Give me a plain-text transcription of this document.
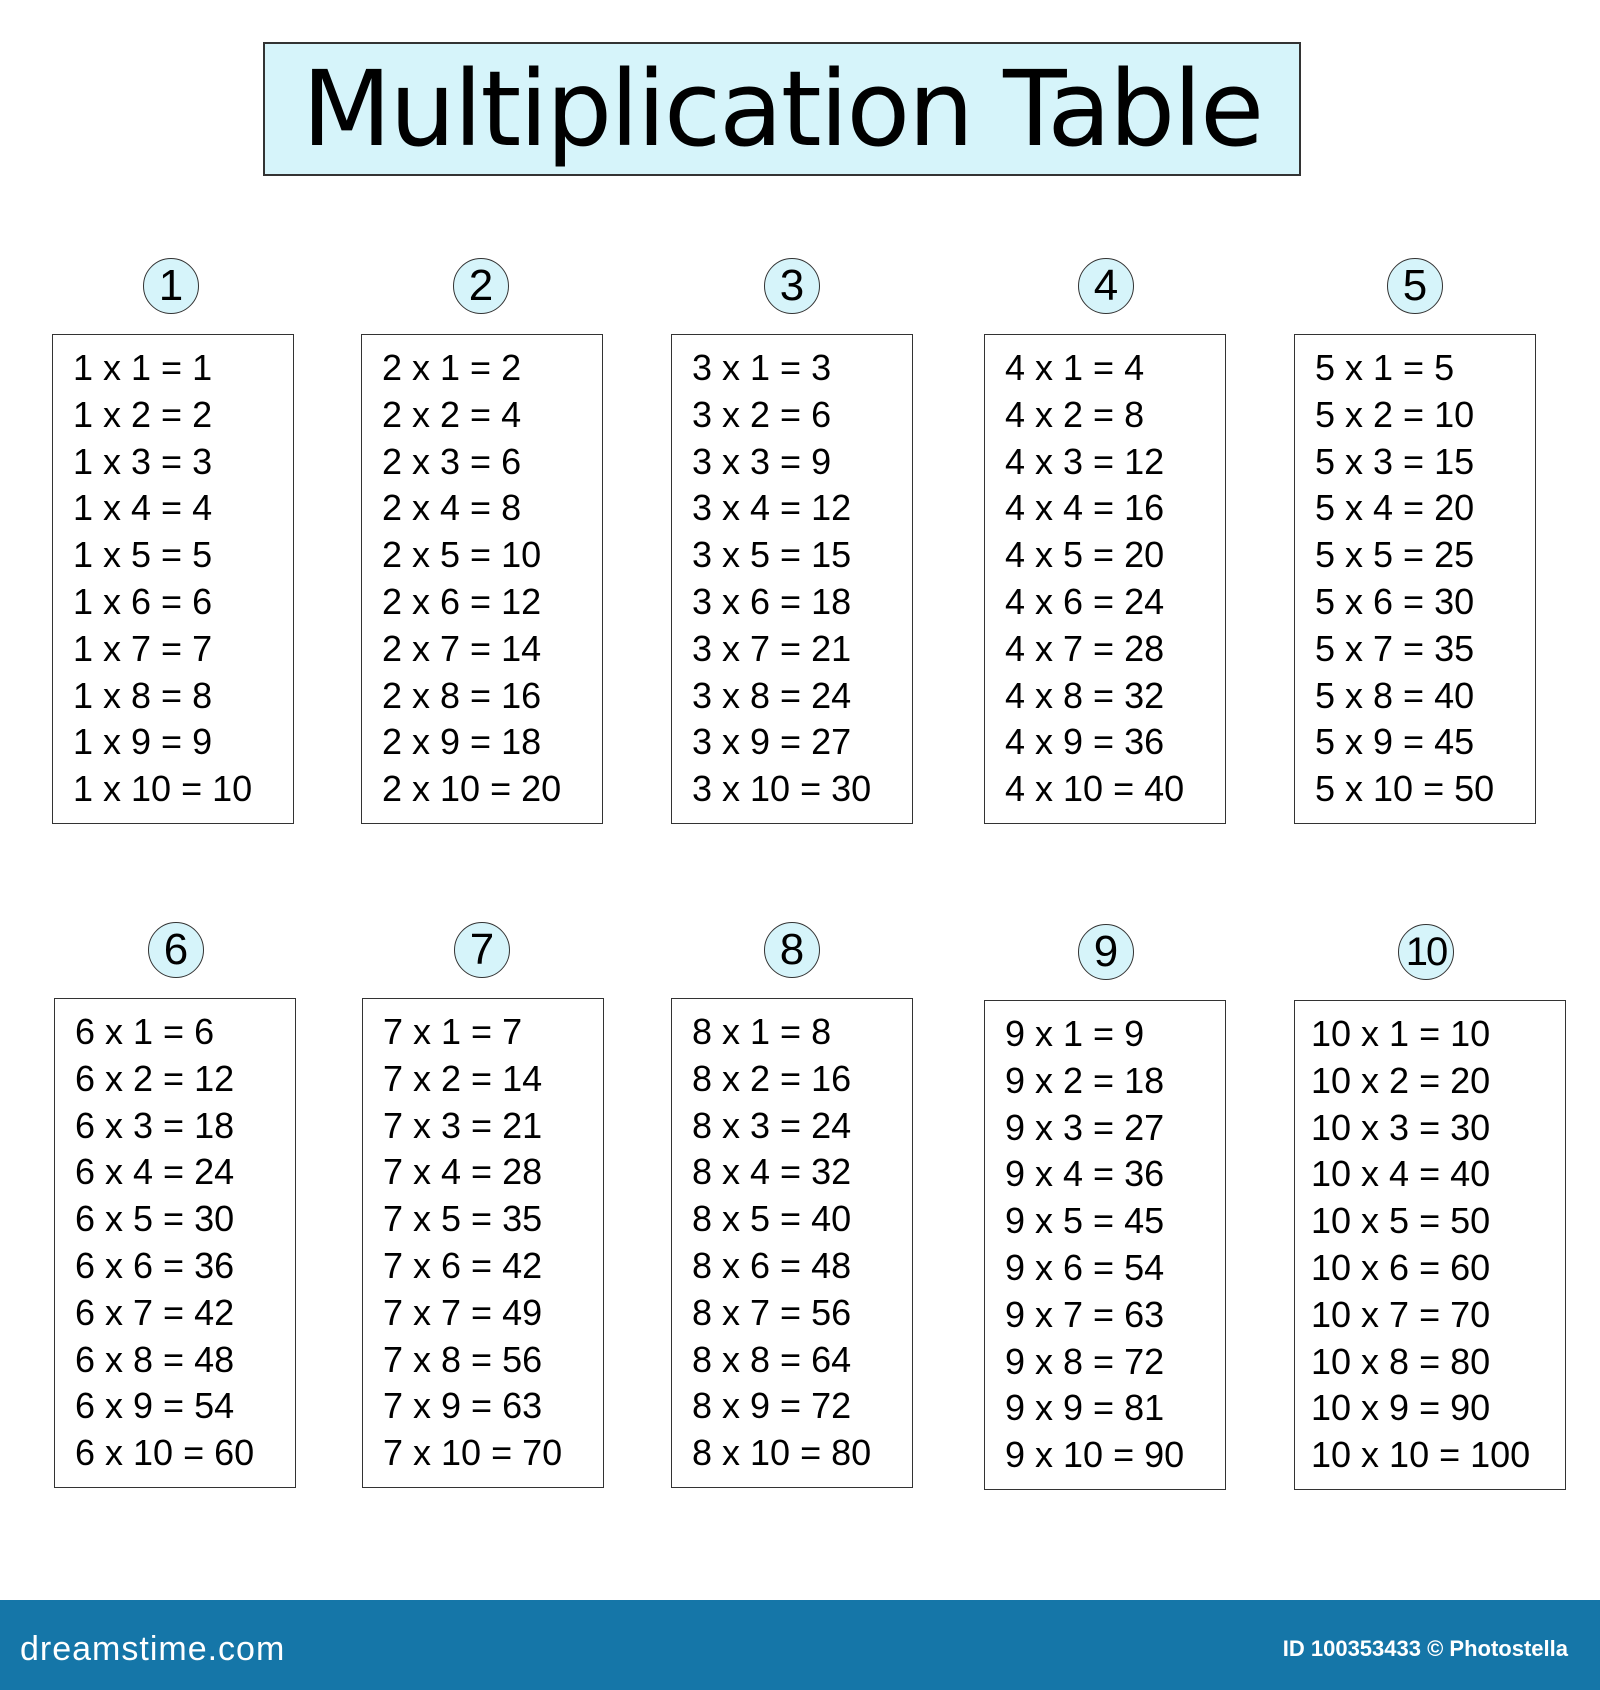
Multiplication Table
1
1 x 1 = 1
1 x 2 = 2
1 x 3 = 3
1 x 4 = 4
1 x 5 = 5
1 x 6 = 6
1 x 7 = 7
1 x 8 = 8
1 x 9 = 9
1 x 10 = 10
2
2 x 1 = 2
2 x 2 = 4
2 x 3 = 6
2 x 4 = 8
2 x 5 = 10
2 x 6 = 12
2 x 7 = 14
2 x 8 = 16
2 x 9 = 18
2 x 10 = 20
3
3 x 1 = 3
3 x 2 = 6
3 x 3 = 9
3 x 4 = 12
3 x 5 = 15
3 x 6 = 18
3 x 7 = 21
3 x 8 = 24
3 x 9 = 27
3 x 10 = 30
4
4 x 1 = 4
4 x 2 = 8
4 x 3 = 12
4 x 4 = 16
4 x 5 = 20
4 x 6 = 24
4 x 7 = 28
4 x 8 = 32
4 x 9 = 36
4 x 10 = 40
5
5 x 1 = 5
5 x 2 = 10
5 x 3 = 15
5 x 4 = 20
5 x 5 = 25
5 x 6 = 30
5 x 7 = 35
5 x 8 = 40
5 x 9 = 45
5 x 10 = 50
6
6 x 1 = 6
6 x 2 = 12
6 x 3 = 18
6 x 4 = 24
6 x 5 = 30
6 x 6 = 36
6 x 7 = 42
6 x 8 = 48
6 x 9 = 54
6 x 10 = 60
7
7 x 1 = 7
7 x 2 = 14
7 x 3 = 21
7 x 4 = 28
7 x 5 = 35
7 x 6 = 42
7 x 7 = 49
7 x 8 = 56
7 x 9 = 63
7 x 10 = 70
8
8 x 1 = 8
8 x 2 = 16
8 x 3 = 24
8 x 4 = 32
8 x 5 = 40
8 x 6 = 48
8 x 7 = 56
8 x 8 = 64
8 x 9 = 72
8 x 10 = 80
9
9 x 1 = 9
9 x 2 = 18
9 x 3 = 27
9 x 4 = 36
9 x 5 = 45
9 x 6 = 54
9 x 7 = 63
9 x 8 = 72
9 x 9 = 81
9 x 10 = 90
10
10 x 1 = 10
10 x 2 = 20
10 x 3 = 30
10 x 4 = 40
10 x 5 = 50
10 x 6 = 60
10 x 7 = 70
10 x 8 = 80
10 x 9 = 90
10 x 10 = 100
dreamstime.com	ID 100353433 © Photostella
